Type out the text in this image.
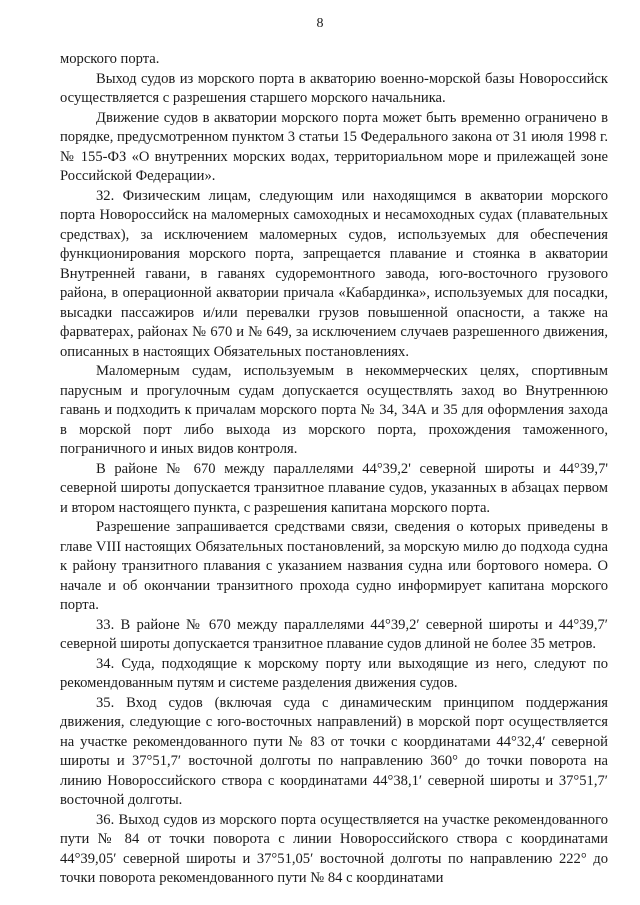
8

морского порта.

Выход судов из морского порта в акваторию военно-морской базы Новороссийск осуществляется с разрешения старшего морского начальника.

Движение судов в акватории морского порта может быть временно ограничено в порядке, предусмотренном пунктом 3 статьи 15 Федерального закона от 31 июля 1998 г. № 155-ФЗ «О внутренних морских водах, территориальном море и прилежащей зоне Российской Федерации».

32. Физическим лицам, следующим или находящимся в акватории морского порта Новороссийск на маломерных самоходных и несамоходных судах (плавательных средствах), за исключением маломерных судов, используемых для обеспечения функционирования морского порта, запрещается плавание и стоянка в акватории Внутренней гавани, в гаванях судоремонтного завода, юго-восточного грузового района, в операционной акватории причала «Кабардинка», используемых для посадки, высадки пассажиров и/или перевалки грузов повышенной опасности, а также на фарватерах, районах № 670 и № 649, за исключением случаев разрешенного движения, описанных в настоящих Обязательных постановлениях.

Маломерным судам, используемым в некоммерческих целях, спортивным парусным и прогулочным судам допускается осуществлять заход во Внутреннюю гавань и подходить к причалам морского порта № 34, 34А и 35 для оформления захода в морской порт либо выхода из морского порта, прохождения таможенного, пограничного и иных видов контроля.

В районе № 670 между параллелями 44°39,2' северной широты и 44°39,7' северной широты допускается транзитное плавание судов, указанных в абзацах первом и втором настоящего пункта, с разрешения капитана морского порта.

Разрешение запрашивается средствами связи, сведения о которых приведены в главе VIII настоящих Обязательных постановлений, за морскую милю до подхода судна к району транзитного плавания с указанием названия судна или бортового номера. О начале и об окончании транзитного прохода судно информирует капитана морского порта.

33. В районе № 670 между параллелями 44°39,2′ северной широты и 44°39,7′ северной широты допускается транзитное плавание судов длиной не более 35 метров.

34. Суда, подходящие к морскому порту или выходящие из него, следуют по рекомендованным путям и системе разделения движения судов.

35. Вход судов (включая суда с динамическим принципом поддержания движения, следующие с юго-восточных направлений) в морской порт осуществляется на участке рекомендованного пути № 83 от точки с координатами 44°32,4′ северной широты и 37°51,7′ восточной долготы по направлению 360° до точки поворота на линию Новороссийского створа с координатами 44°38,1′ северной широты и 37°51,7′ восточной долготы.

36. Выход судов из морского порта осуществляется на участке рекомендованного пути № 84 от точки поворота с линии Новороссийского створа с координатами 44°39,05′ северной широты и 37°51,05′ восточной долготы по направлению 222° до точки поворота рекомендованного пути № 84 с координатами
